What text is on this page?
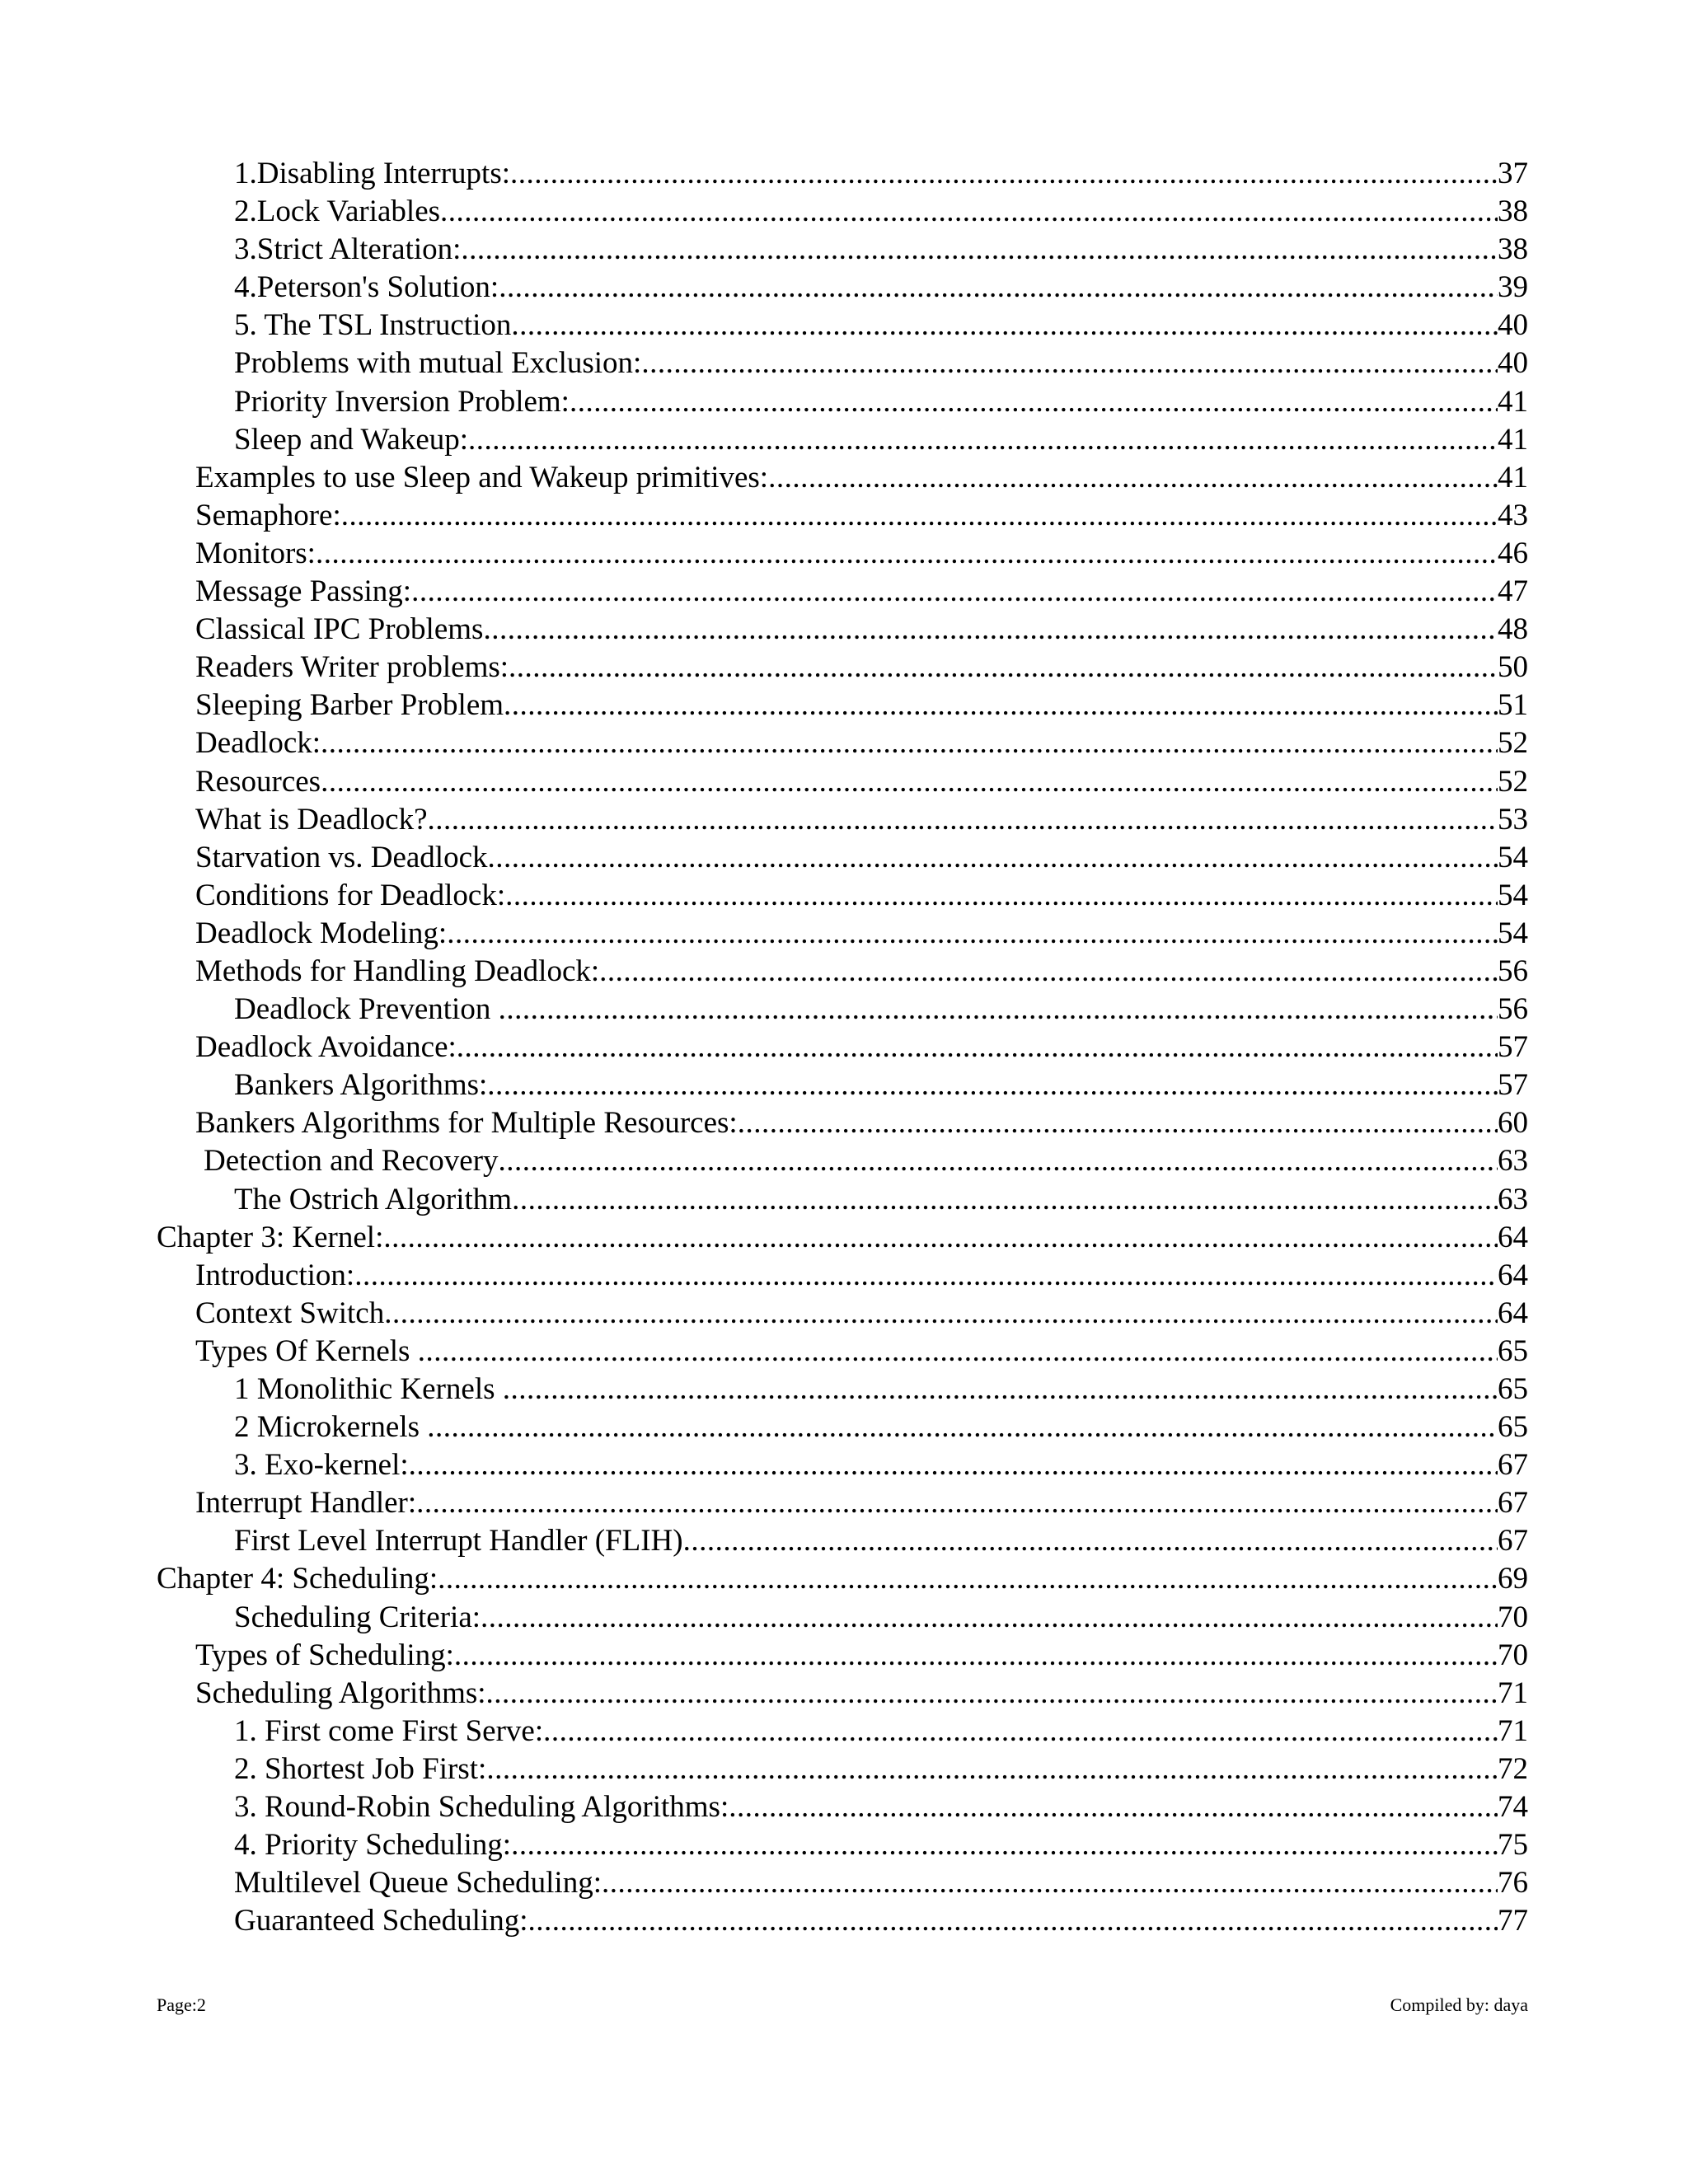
1.Disabling Interrupts: .....	37
2.Lock Variables .....	38
3.Strict Alteration: .....	38
4.Peterson's Solution: .....	39
5. The TSL Instruction .....	40
Problems with mutual Exclusion: .....	40
Priority Inversion Problem: .....	41
Sleep and Wakeup: .....	41
Examples to use Sleep and Wakeup primitives: .....	41
Semaphore: .....	43
Monitors: .....	46
Message Passing: .....	47
Classical IPC Problems .....	48
Readers Writer problems: .....	50
Sleeping Barber Problem .....	51
Deadlock: .....	52
Resources .....	52
What is Deadlock? .....	53
Starvation vs. Deadlock .....	54
Conditions for Deadlock: .....	54
Deadlock Modeling: .....	54
Methods for Handling Deadlock: .....	56
Deadlock Prevention .....	56
Deadlock Avoidance: .....	57
Bankers Algorithms: .....	57
Bankers Algorithms for Multiple Resources: .....	60
Detection and Recovery .....	63
The Ostrich Algorithm .....	63
Chapter 3: Kernel: .....	64
Introduction: .....	64
Context Switch .....	64
Types Of Kernels .....	65
1 Monolithic Kernels .....	65
2 Microkernels .....	65
3. Exo-kernel: .....	67
Interrupt Handler: .....	67
First Level Interrupt Handler (FLIH) .....	67
Chapter 4: Scheduling: .....	69
Scheduling Criteria: .....	70
Types of Scheduling: .....	70
Scheduling Algorithms: .....	71
1. First come First Serve: .....	71
2. Shortest Job First: .....	72
3. Round-Robin Scheduling Algorithms: .....	74
4. Priority Scheduling: .....	75
Multilevel Queue Scheduling: .....	76
Guaranteed Scheduling: .....	77
Page:2	Compiled by: daya
